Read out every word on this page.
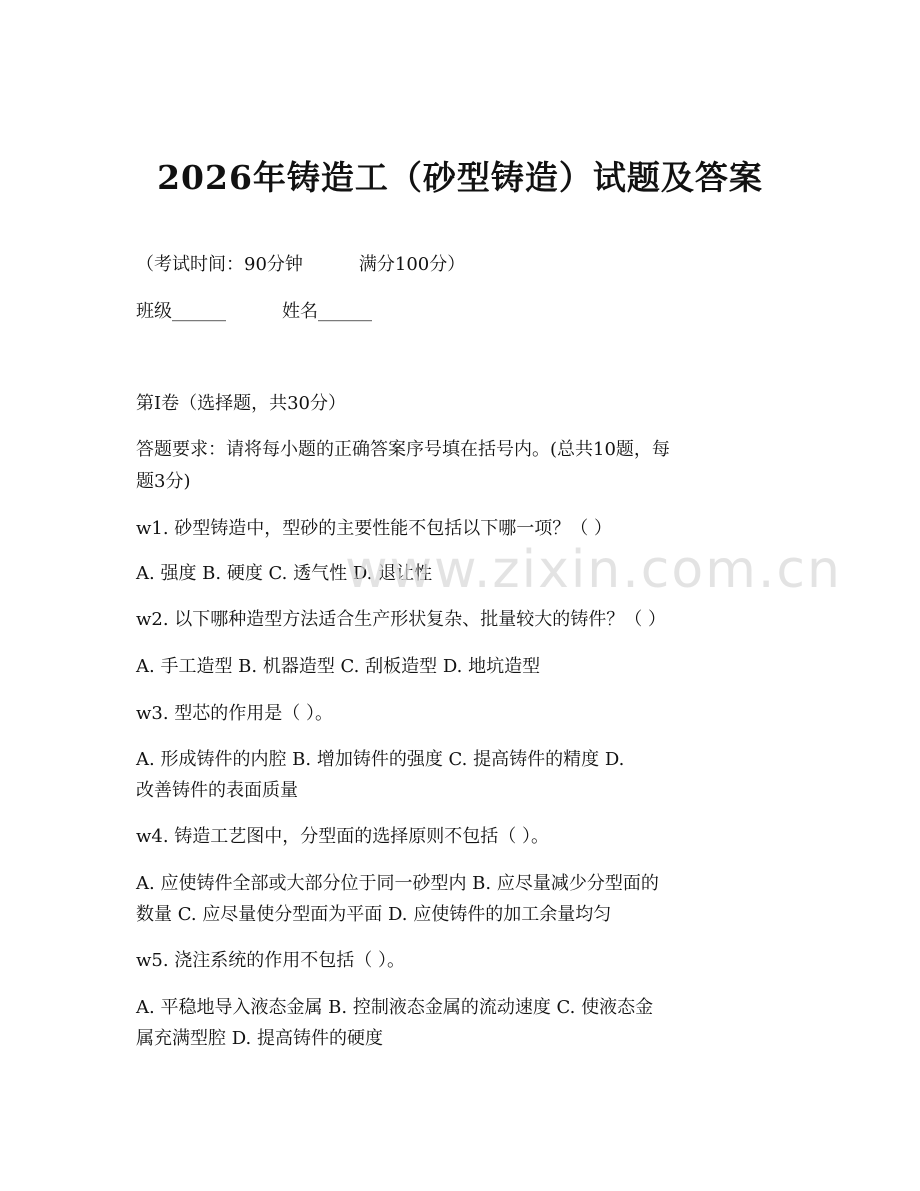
2026年铸造工（砂型铸造）试题及答案
（考试时间：90分钟	满分100分）
班级______	姓名______
第I卷（选择题，共30分）
答题要求：请将每小题的正确答案序号填在括号内。(总共10题，每
题3分)
w1. 砂型铸造中，型砂的主要性能不包括以下哪一项？（ ）
A. 强度 B. 硬度 C. 透气性 D. 退让性
w2. 以下哪种造型方法适合生产形状复杂、批量较大的铸件？（ ）
A. 手工造型 B. 机器造型 C. 刮板造型 D. 地坑造型
w3. 型芯的作用是（ ）。
A. 形成铸件的内腔 B. 增加铸件的强度 C. 提高铸件的精度 D.
改善铸件的表面质量
w4. 铸造工艺图中，分型面的选择原则不包括（ ）。
A. 应使铸件全部或大部分位于同一砂型内 B. 应尽量减少分型面的
数量 C. 应尽量使分型面为平面 D. 应使铸件的加工余量均匀
w5. 浇注系统的作用不包括（ ）。
A. 平稳地导入液态金属 B. 控制液态金属的流动速度 C. 使液态金
属充满型腔 D. 提高铸件的硬度
www.zixin.com.cn
